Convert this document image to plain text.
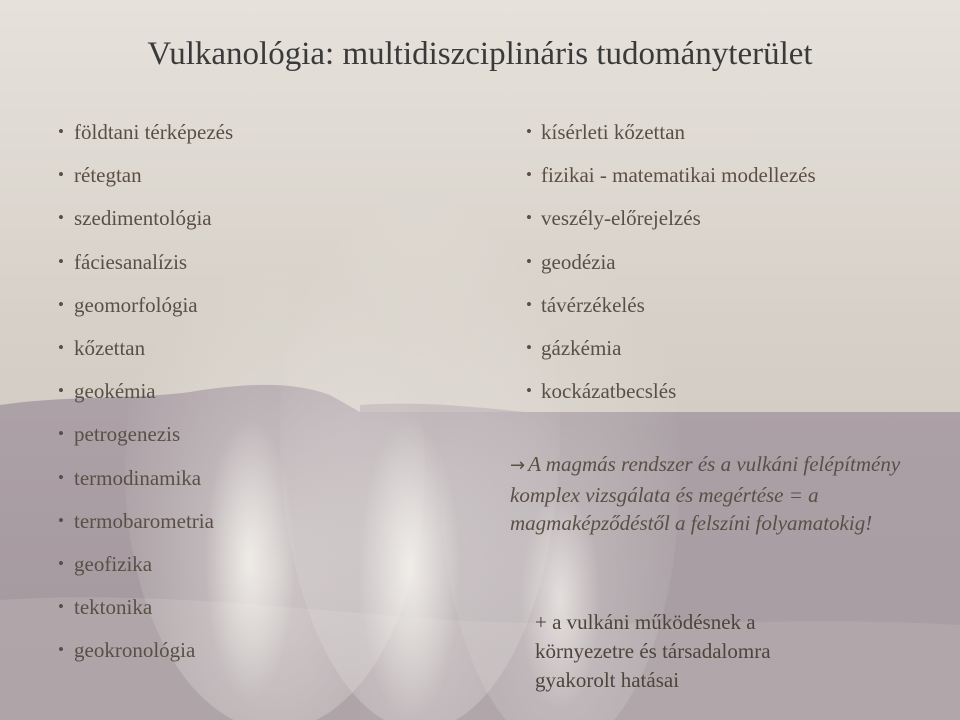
Vulkanológia: multidiszciplináris tudományterület
• földtani térképezés
• rétegtan
• szedimentológia
• fáciesanalízis
• geomorfológia
• kőzettan
• geokémia
• petrogenezis
• termodinamika
• termobarometria
• geofizika
• tektonika
• geokronológia
• kísérleti kőzettan
• fizikai - matematikai modellezés
• veszély-előrejelzés
• geodézia
• távérzékelés
• gázkémia
• kockázatbecslés
→ A magmás rendszer és a vulkáni felépítmény komplex vizsgálata és megértése = a magmaképződéstől a felszíni folyamatokig!
+ a vulkáni működésnek a környezetre és társadalomra gyakorolt hatásai
